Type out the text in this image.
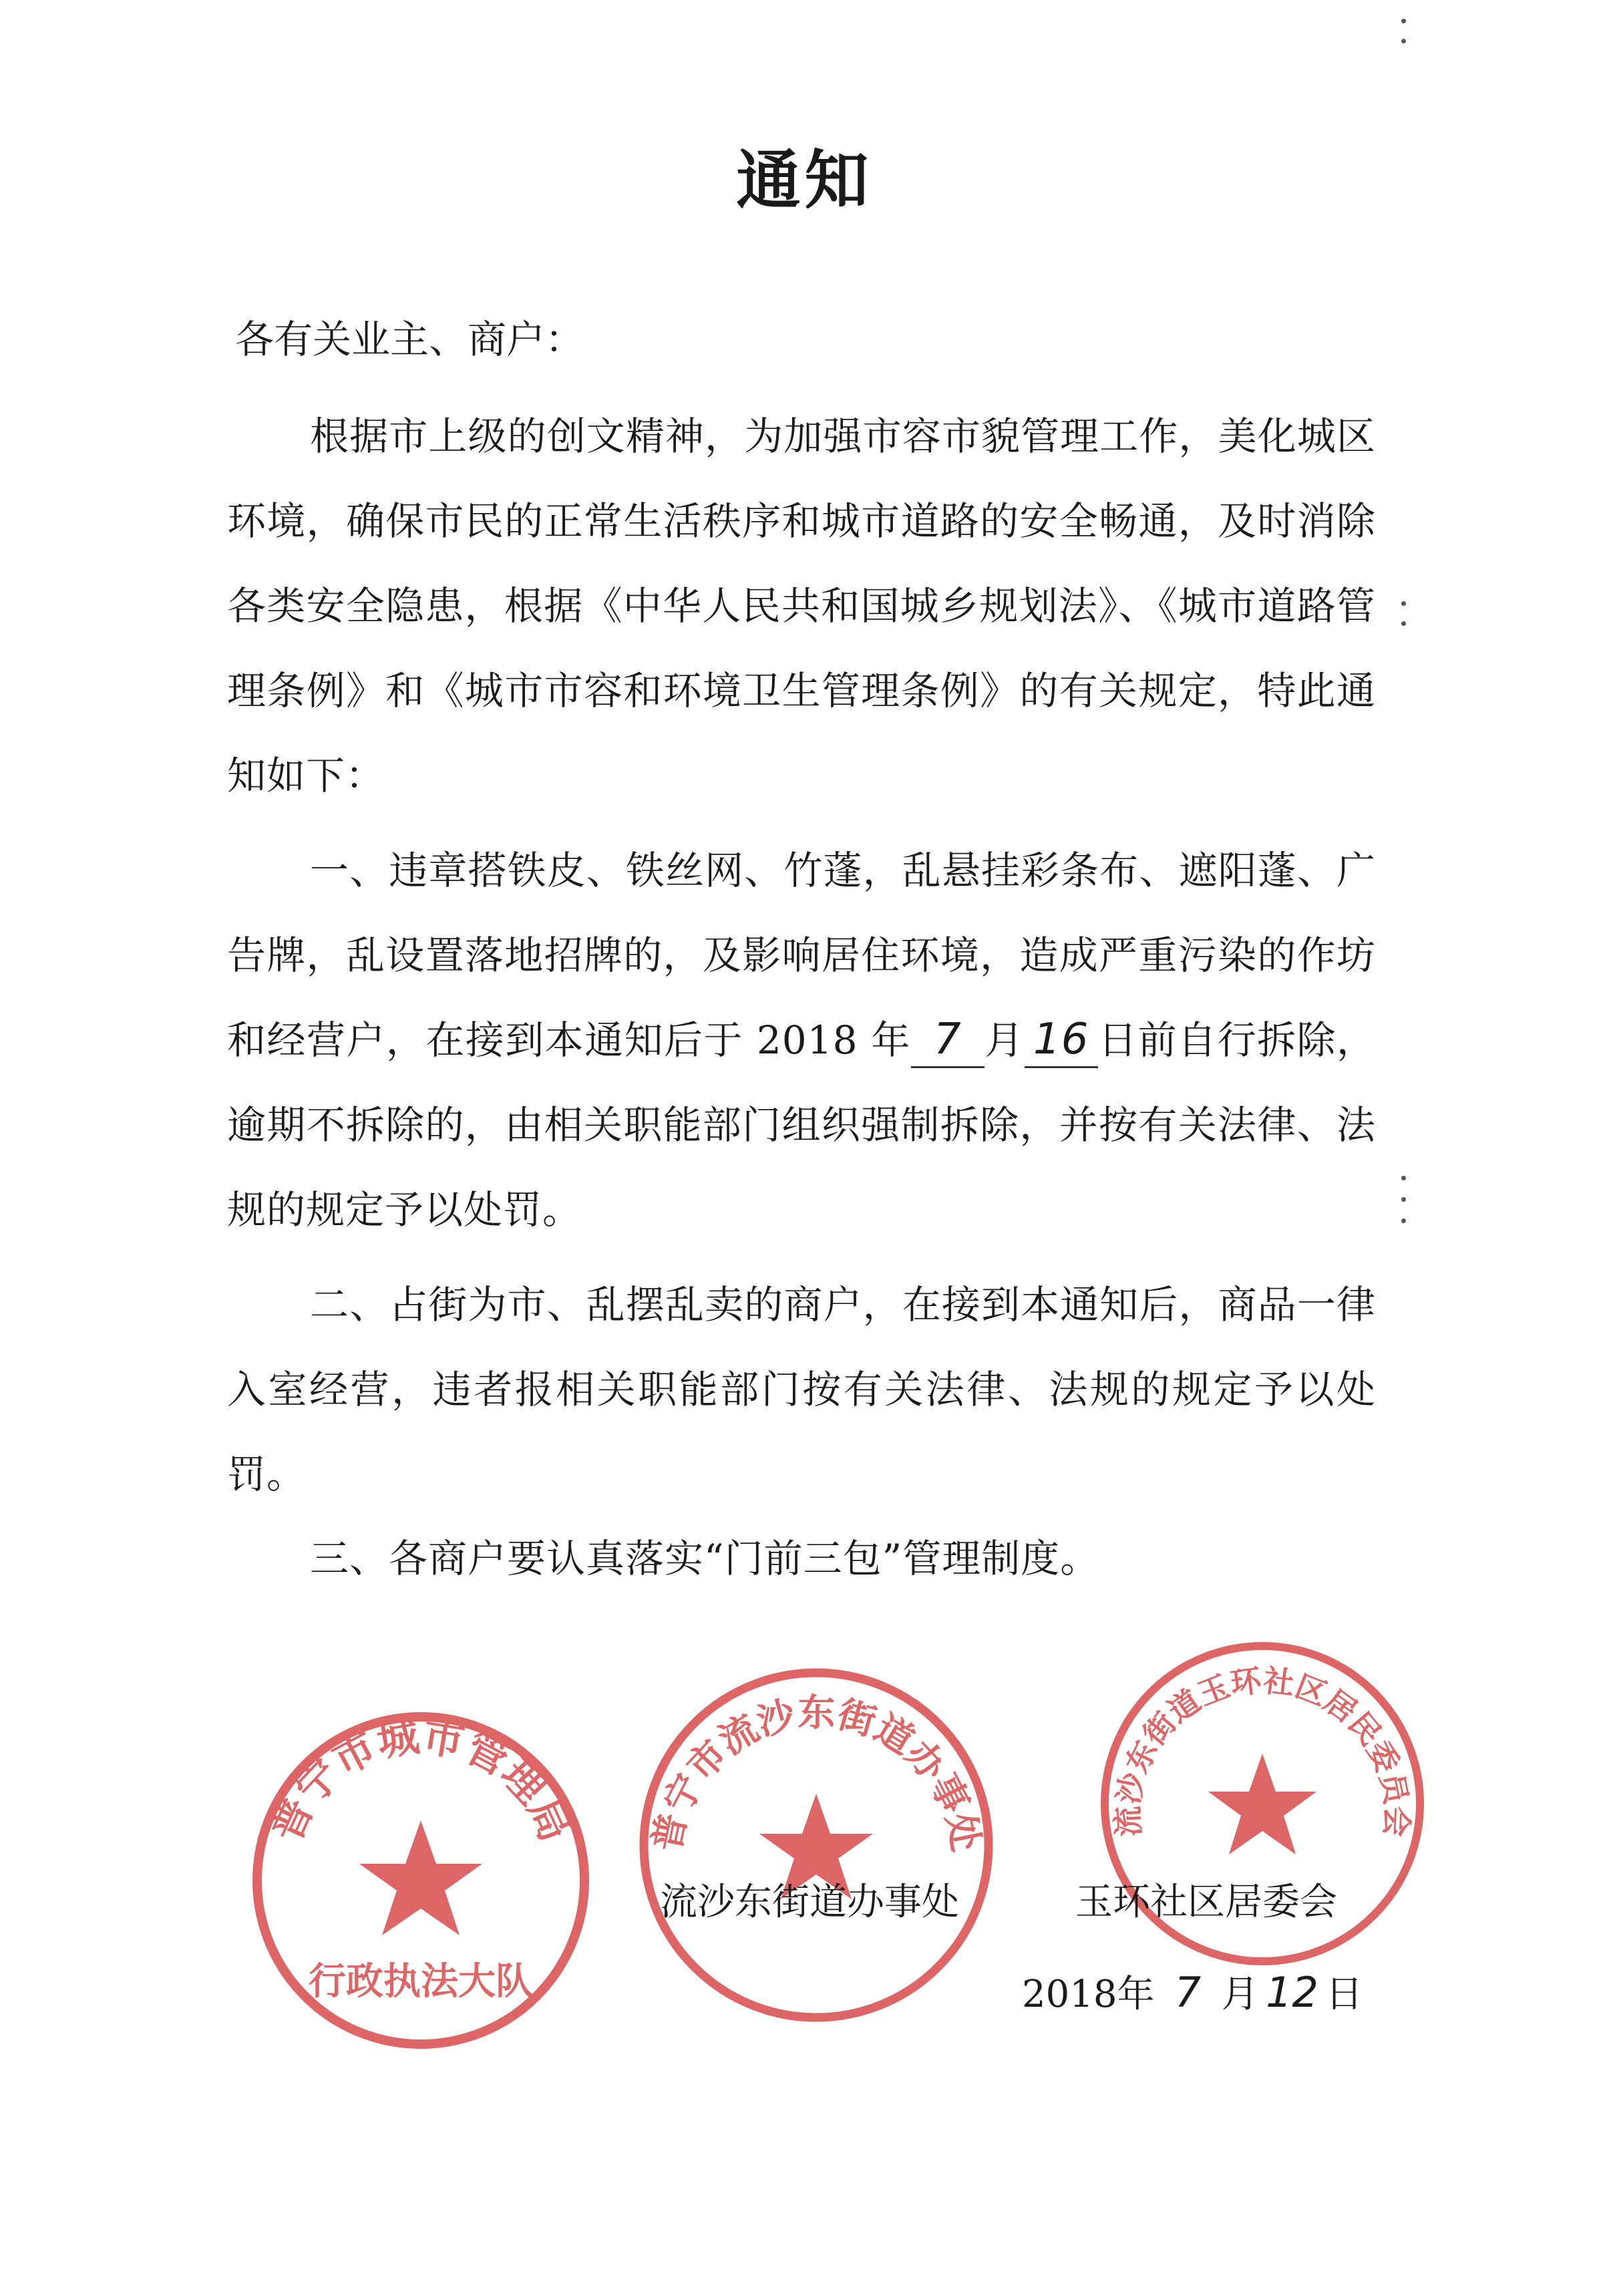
通知
各有关业主、商户：

根据市上级的创文精神，为加强市容市貌管理工作，美化城区环境，确保市民的正常生活秩序和城市道路的安全畅通，及时消除各类安全隐患，根据《中华人民共和国城乡规划法》、《城市道路管理条例》和《城市市容和环境卫生管理条例》的有关规定，特此通知如下：

一、违章搭铁皮、铁丝网、竹蓬，乱悬挂彩条布、遮阳蓬、广告牌，乱设置落地招牌的，及影响居住环境，造成严重污染的作坊和经营户，在接到本通知后于 2018 年 7 月 16 日前自行拆除，逾期不拆除的，由相关职能部门组织强制拆除，并按有关法律、法规的规定予以处罚。

二、占街为市、乱摆乱卖的商户，在接到本通知后，商品一律入室经营，违者报相关职能部门按有关法律、法规的规定予以处罚。

三、各商户要认真落实“门前三包”管理制度。

普宁市城市管理局
行政执法大队
普宁市流沙东街道办事处	流沙东街道玉环社区居民委员会
流沙东街道办事处	玉环社区居委会
2018年 7 月 12 日
